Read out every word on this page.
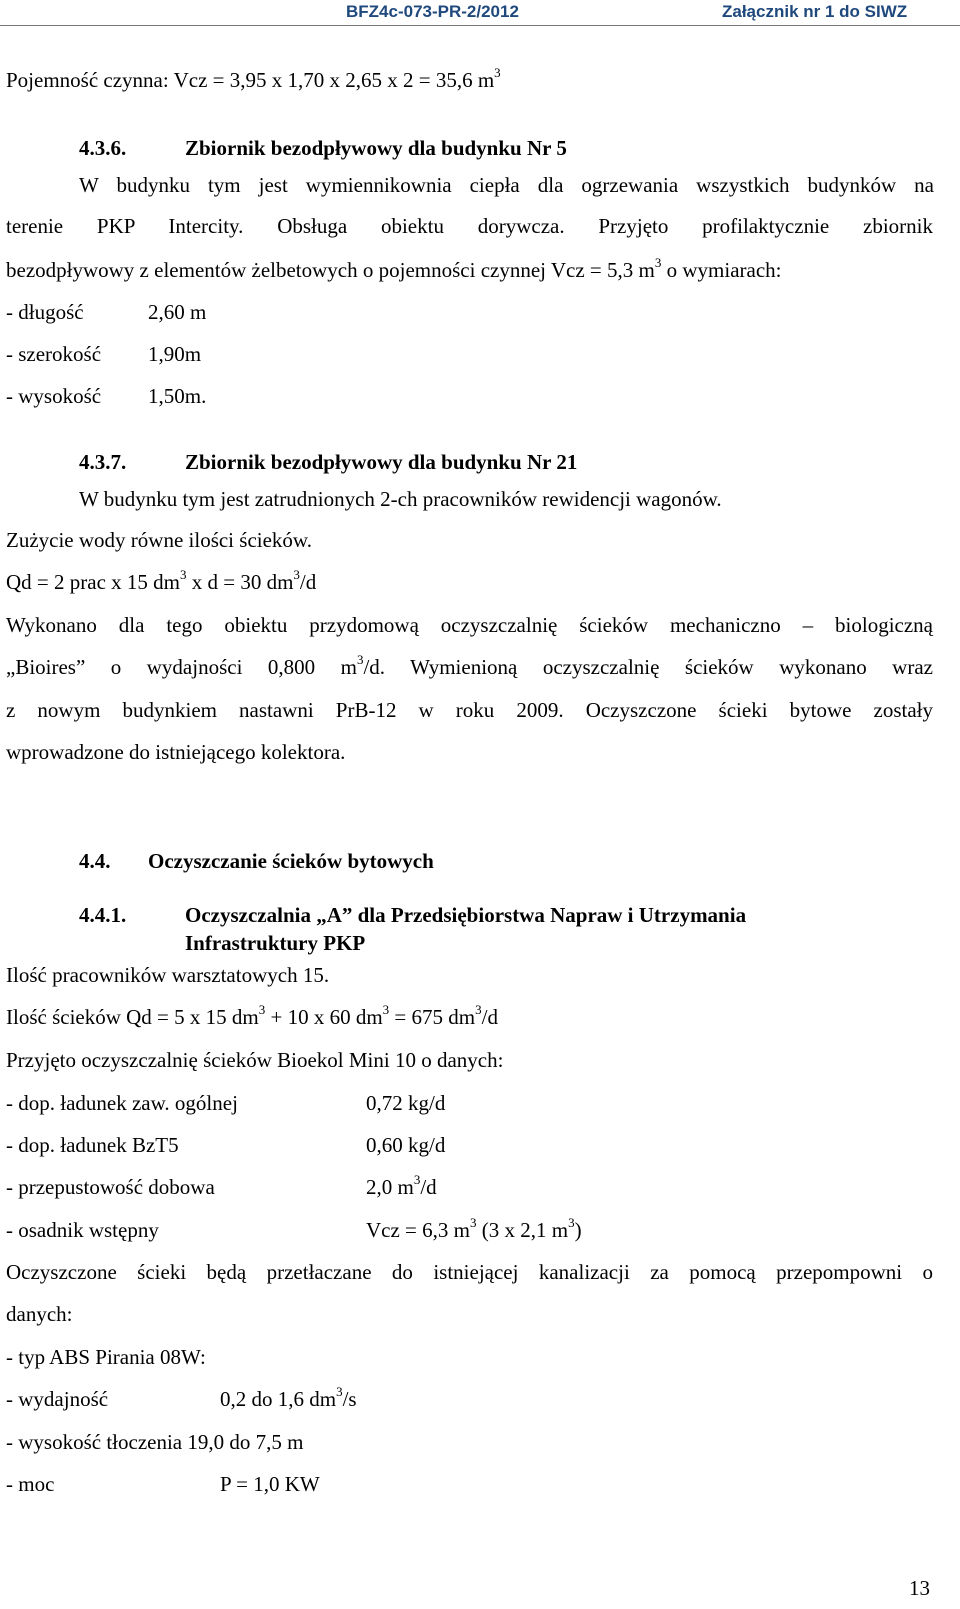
BFZ4c-073-PR-2/2012	Załącznik nr 1 do SIWZ
Pojemność czynna: Vcz = 3,95 x 1,70 x 2,65 x 2 = 35,6 $m^3$
4.3.6.	Zbiornik bezodpływowy dla budynku Nr 5
W budynku tym jest wymiennikownia ciepła dla ogrzewania wszystkich budynków na
terenie PKP Intercity. Obsługa obiektu dorywcza. Przyjęto profilaktycznie zbiornik
bezodpływowy z elementów żelbetowych o pojemności czynnej Vcz = 5,3 $m^3$ o wymiarach:
- długość	2,60 m
- szerokość 1,90m
- wysokość 1,50m.
4.3.7.	Zbiornik bezodpływowy dla budynku Nr 21
W budynku tym jest zatrudnionych 2-ch pracowników rewidencji wagonów.
Zużycie wody równe ilości ścieków.
Qd = 2 prac x 15 $dm^3$ x d = 30 $dm^3/d$
Wykonano dla tego obiektu przydomową oczyszczalnię ścieków mechaniczno – biologiczną
„Bioires” o wydajności 0,800 $m^3/d$. Wymienioną oczyszczalnię ścieków wykonano wraz
z nowym budynkiem nastawni PrB-12 w roku 2009. Oczyszczone ścieki bytowe zostały
wprowadzone do istniejącego kolektora.
4.4. Oczyszczanie ścieków bytowych
4.4.1.	Oczyszczalnia „A” dla Przedsiębiorstwa Napraw i Utrzymania
Infrastruktury PKP
Ilość pracowników warsztatowych 15.
Ilość ścieków Qd = 5 x 15 $dm^3 + 10$ x 60 $dm^3 = 675$ $dm^3/d$
Przyjęto oczyszczalnię ścieków Bioekol Mini 10 o danych:
- dop. ładunek zaw. ogólnej	0,72 kg/d
- dop. ładunek BzT5	0,60 kg/d
- przepustowość dobowa	2,0 $m^3/d$
- osadnik wstępny	Vcz = 6,3 $m^3$ (3 x 2,1 $m^3$)
Oczyszczone ścieki będą przetłaczane do istniejącej kanalizacji za pomocą przepompowni o
danych:
- typ ABS Pirania 08W:
- wydajność	0,2 do 1,6 $dm^3/s$
- wysokość tłoczenia 19,0 do 7,5 m
- moc	P = 1,0 KW
13
